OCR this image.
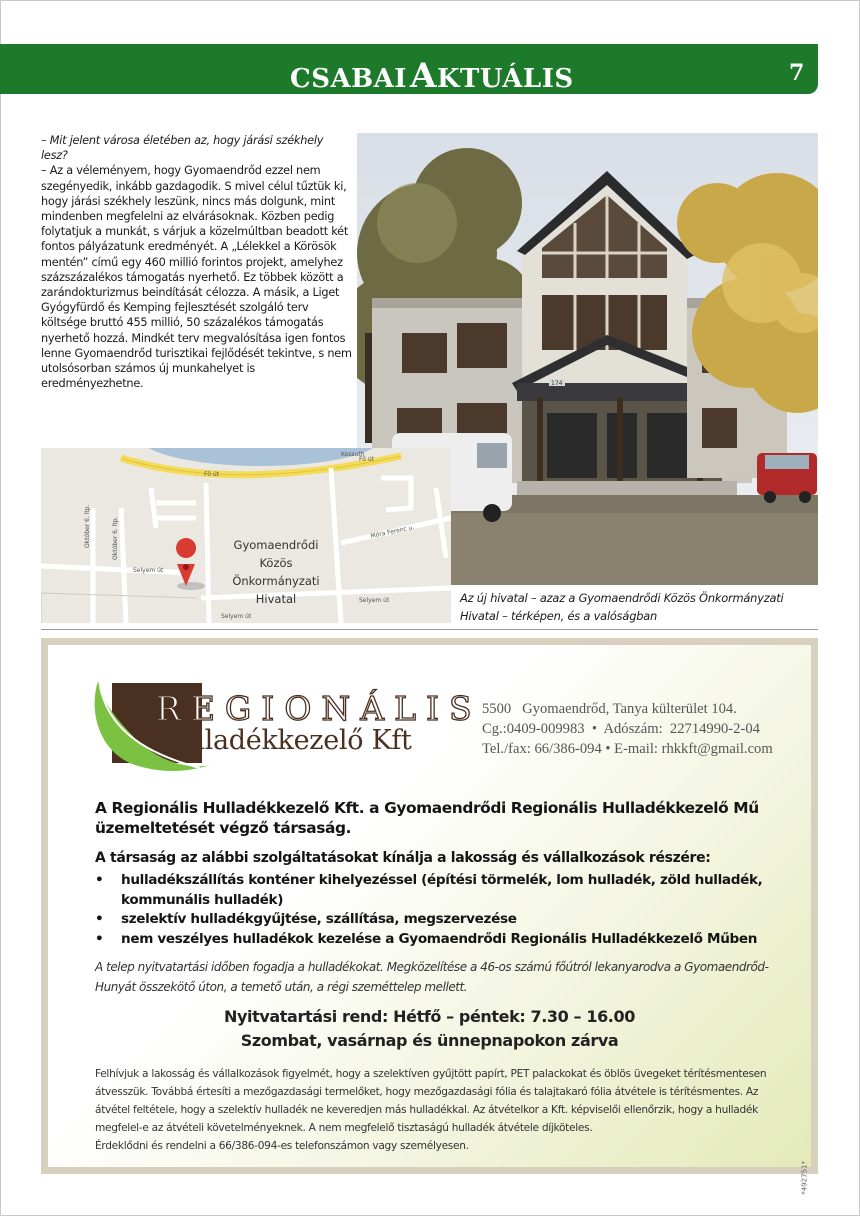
CSABAI AKTUÁLIS	7

– Mit jelent városa életében az, hogy járási székhely lesz?

– Az a véleményem, hogy Gyomaendrőd ezzel nem szegényedik, inkább gazdagodik. S mivel célul tűztük ki, hogy járási székhely leszünk, nincs más dolgunk, mint mindenben megfelelni az elvárásoknak. Közben pedig folytatjuk a munkát, s várjuk a közelmúltban beadott két fontos pályázatunk eredményét. A „Lélekkel a Körösök mentén” című egy 460 millió forintos projekt, amelyhez százszázalékos támogatás nyerhető. Ez többek között a zarándokturizmus beindítását célozza. A másik, a Liget Gyógyfürdő és Kemping fejlesztését szolgáló terv költsége bruttó 455 millió, 50 százalékos támogatás nyerhető hozzá. Mindkét terv megvalósítása igen fontos lenne Gyomaendrőd turisztikai fejlődését tekintve, s nem utolsósorban számos új munkahelyet is eredményezhetne.	174
Fő út
Fő út
Selyem út
Selyem út
Selyem út
Móra Ferenc u.
Kossuth
Október 6. ltp.	Október 6. ltp.	Gyomaendrődi
Közös
Önkormányzati
Hivatal	Az új hivatal – azaz a Gyomaendrődi Közös Önkormányzati Hivatal – térképen, és a valóságban
REGIONÁLIS
Hulladékkezelő Kft
5500   Gyomaendrőd, Tanya külterület 104.
Cg.:0409-009983  •  Adószám:  22714990-2-04
Tel./fax: 66/386-094 • E-mail: rhkkft@gmail.com
A Regionális Hulladékkezelő Kft. a Gyomaendrődi Regionális Hulladékkezelő Mű üzemeltetését végző társaság.
A társaság az alábbi szolgáltatásokat kínálja a lakosság és vállalkozások részére:
• hulladékszállítás konténer kihelyezéssel (építési törmelék, lom hulladék, zöld hulladék, kommunális hulladék)
• szelektív hulladékgyűjtése, szállítása, megszervezése
• nem veszélyes hulladékok kezelése a Gyomaendrődi Regionális Hulladékkezelő Műben
A telep nyitvatartási időben fogadja a hulladékokat. Megközelítése a 46-os számú főútról lekanyarodva a Gyomaendrőd-Hunyát összekötő úton, a temető után, a régi szeméttelep mellett.
Nyitvatartási rend: Hétfő – péntek: 7.30 – 16.00
Szombat, vasárnap és ünnepnapokon zárva
Felhívjuk a lakosság és vállalkozások figyelmét, hogy a szelektíven gyűjtött papírt, PET palackokat és öblös üvegeket térítésmentesen átvesszük. Továbbá értesíti a mezőgazdasági termelőket, hogy mezőgazdasági fólia és talajtakaró fólia átvétele is térítésmentes. Az átvétel feltétele, hogy a szelektív hulladék ne keveredjen más hulladékkal. Az átvételkor a Kft. képviselői ellenőrzik, hogy a hulladék megfelel-e az átvételi követelményeknek. A nem megfelelő tisztaságú hulladék átvétele díjköteles.
Érdeklődni és rendelni a 66/386-094-es telefonszámon vagy személyesen.
*492751*
